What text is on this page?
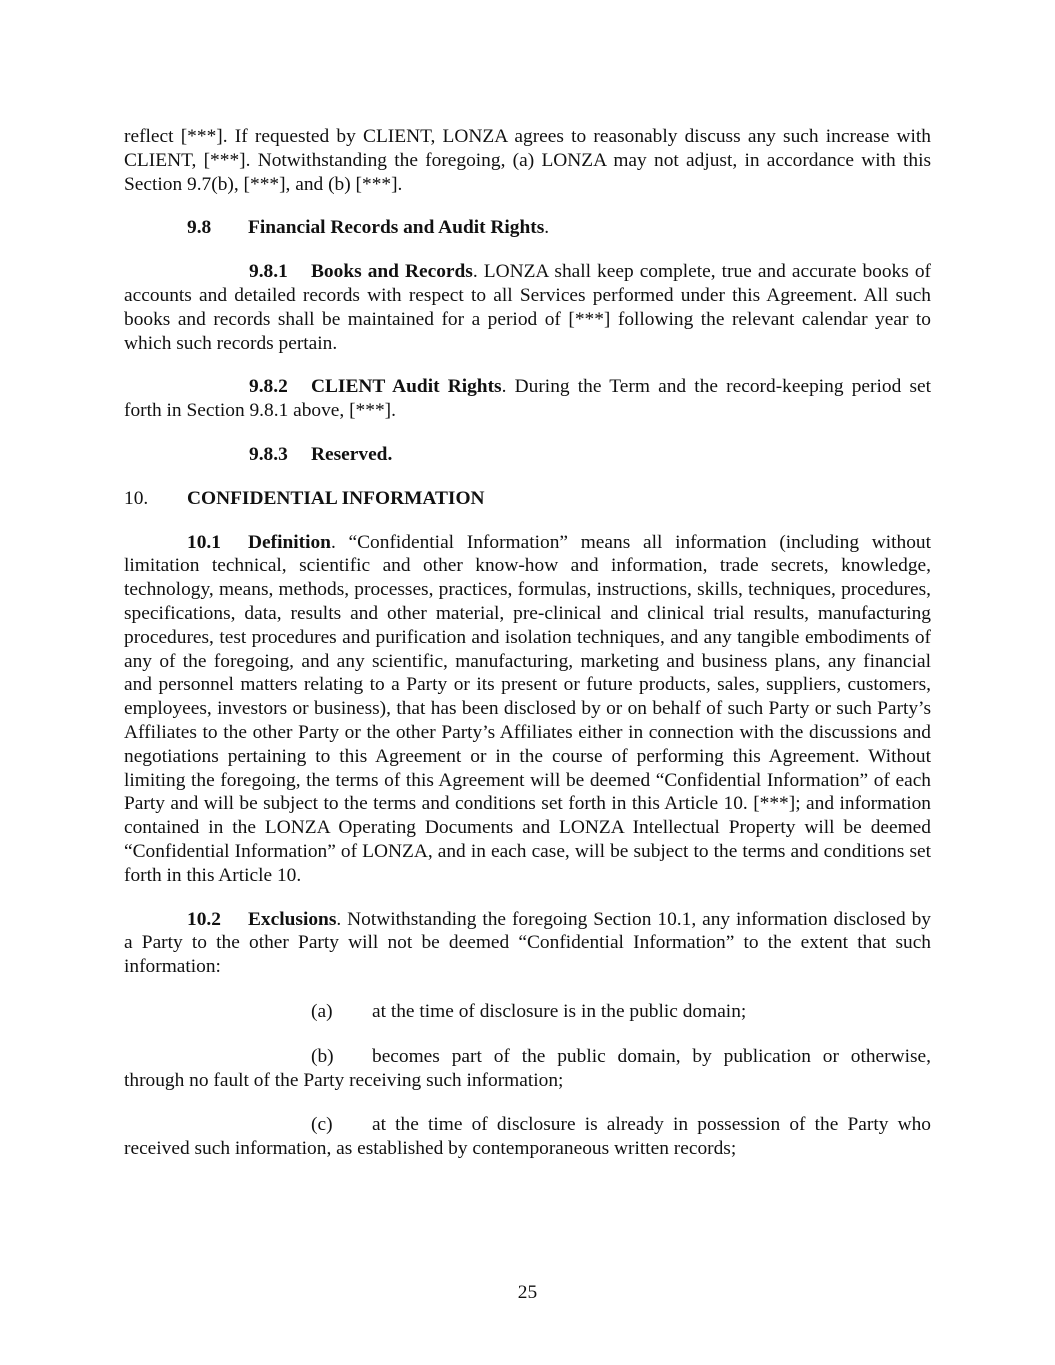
reflect [***]. If requested by CLIENT, LONZA agrees to reasonably discuss any such increase with CLIENT, [***]. Notwithstanding the foregoing, (a) LONZA may not adjust, in accordance with this Section 9.7(b), [***], and (b) [***].

9.8 Financial Records and Audit Rights.

9.8.1 Books and Records. LONZA shall keep complete, true and accurate books of accounts and detailed records with respect to all Services performed under this Agreement. All such books and records shall be maintained for a period of [***] following the relevant calendar year to which such records pertain.

9.8.2 CLIENT Audit Rights. During the Term and the record-keeping period set forth in Section 9.8.1 above, [***].

9.8.3 Reserved.

10. CONFIDENTIAL INFORMATION

10.1 Definition. “Confidential Information” means all information (including without limitation technical, scientific and other know-how and information, trade secrets, knowledge, technology, means, methods, processes, practices, formulas, instructions, skills, techniques, procedures, specifications, data, results and other material, pre-clinical and clinical trial results, manufacturing procedures, test procedures and purification and isolation techniques, and any tangible embodiments of any of the foregoing, and any scientific, manufacturing, marketing and business plans, any financial and personnel matters relating to a Party or its present or future products, sales, suppliers, customers, employees, investors or business), that has been disclosed by or on behalf of such Party or such Party’s Affiliates to the other Party or the other Party’s Affiliates either in connection with the discussions and negotiations pertaining to this Agreement or in the course of performing this Agreement. Without limiting the foregoing, the terms of this Agreement will be deemed “Confidential Information” of each Party and will be subject to the terms and conditions set forth in this Article 10. [***]; and information contained in the LONZA Operating Documents and LONZA Intellectual Property will be deemed “Confidential Information” of LONZA, and in each case, will be subject to the terms and conditions set forth in this Article 10.

10.2 Exclusions. Notwithstanding the foregoing Section 10.1, any information disclosed by a Party to the other Party will not be deemed “Confidential Information” to the extent that such information:

(a) at the time of disclosure is in the public domain;

(b) becomes part of the public domain, by publication or otherwise, through no fault of the Party receiving such information;

(c) at the time of disclosure is already in possession of the Party who received such information, as established by contemporaneous written records;

25
